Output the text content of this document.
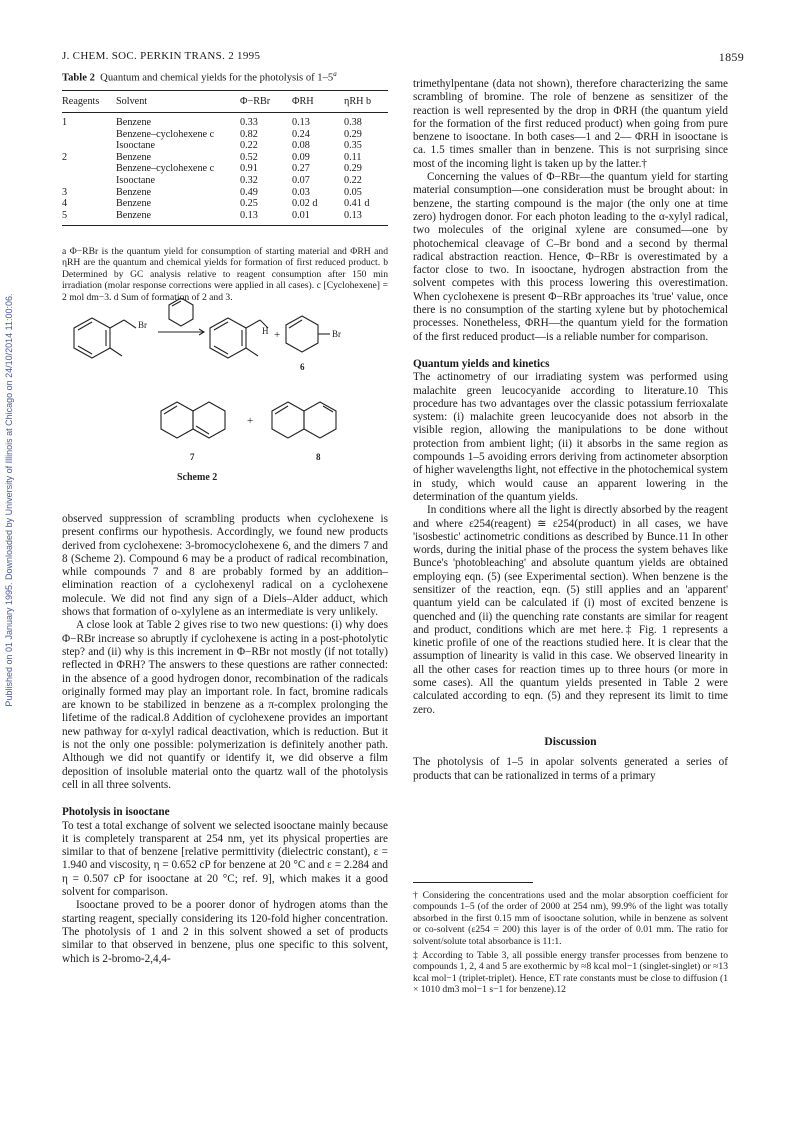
J. CHEM. SOC. PERKIN TRANS. 2 1995	1859
Published on 01 January 1995. Downloaded by University of Illinois at Chicago on 24/10/2014 11:00:06.
Table 2 Quantum and chemical yields for the photolysis of 1–5$^a$
Reagents	Solvent	Φ−RBr	ΦRH	ηRH b
1	Benzene	0.33	0.13	0.38
	Benzene–cyclohexene c	0.82	0.24	0.29
	Isooctane	0.22	0.08	0.35
2	Benzene	0.52	0.09	0.11
	Benzene–cyclohexene c	0.91	0.27	0.29
	Isooctane	0.32	0.07	0.22
3	Benzene	0.49	0.03	0.05
4	Benzene	0.25	0.02 d	0.41 d
5	Benzene	0.13	0.01	0.13
a Φ−RBr is the quantum yield for consumption of starting material and ΦRH and ηRH are the quantum and chemical yields for formation of first reduced product. b Determined by GC analysis relative to reagent consumption after 150 min irradiation (molar response corrections were applied in all cases). c [Cyclohexene] = 2 mol dm−3. d Sum of formation of 2 and 3.
Br
H +	Br
6
+
7	8
Scheme 2

observed suppression of scrambling products when cyclohexene is present confirms our hypothesis. Accordingly, we found new products derived from cyclohexene: 3-bromocyclohexene 6, and the dimers 7 and 8 (Scheme 2). Compound 6 may be a product of radical recombination, while compounds 7 and 8 are probably formed by an addition–elimination reaction of a cyclohexenyl radical on a cyclohexene molecule. We did not find any sign of a Diels–Alder adduct, which shows that formation of o-xylylene as an intermediate is very unlikely.

A close look at Table 2 gives rise to two new questions: (i) why does Φ−RBr increase so abruptly if cyclohexene is acting in a post-photolytic step? and (ii) why is this increment in Φ−RBr not mostly (if not totally) reflected in ΦRH? The answers to these questions are rather connected: in the absence of a good hydrogen donor, recombination of the radicals originally formed may play an important role. In fact, bromine radicals are known to be stabilized in benzene as a π-complex prolonging the lifetime of the radical.8 Addition of cyclohexene provides an important new pathway for α-xylyl radical deactivation, which is reduction. But it is not the only one possible: polymerization is definitely another path. Although we did not quantify or identify it, we did observe a film deposition of insoluble material onto the quartz wall of the photolysis cell in all three solvents.

Photolysis in isooctane

To test a total exchange of solvent we selected isooctane mainly because it is completely transparent at 254 nm, yet its physical properties are similar to that of benzene [relative permittivity (dielectric constant), ε = 1.940 and viscosity, η = 0.652 cP for benzene at 20 °C and ε = 2.284 and η = 0.507 cP for isooctane at 20 °C; ref. 9], which makes it a good solvent for comparison.

Isooctane proved to be a poorer donor of hydrogen atoms than the starting reagent, specially considering its 120-fold higher concentration. The photolysis of 1 and 2 in this solvent showed a set of products similar to that observed in benzene, plus one specific to this solvent, which is 2-bromo-2,4,4-

trimethylpentane (data not shown), therefore characterizing the same scrambling of bromine. The role of benzene as sensitizer of the reaction is well represented by the drop in ΦRH (the quantum yield for the formation of the first reduced product) when going from pure benzene to isooctane. In both cases—1 and 2— ΦRH in isooctane is ca. 1.5 times smaller than in benzene. This is not surprising since most of the incoming light is taken up by the latter.†

Concerning the values of Φ−RBr—the quantum yield for starting material consumption—one consideration must be brought about: in benzene, the starting compound is the major (the only one at time zero) hydrogen donor. For each photon leading to the α-xylyl radical, two molecules of the original xylene are consumed—one by photochemical cleavage of C–Br bond and a second by thermal radical abstraction reaction. Hence, Φ−RBr is overestimated by a factor close to two. In isooctane, hydrogen abstraction from the solvent competes with this process lowering this overestimation. When cyclohexene is present Φ−RBr approaches its 'true' value, once there is no consumption of the starting xylene but by photochemical processes. Nonetheless, ΦRH—the quantum yield for the formation of the first reduced product—is a reliable number for comparison.

Quantum yields and kinetics

The actinometry of our irradiating system was performed using malachite green leucocyanide according to literature.10 This procedure has two advantages over the classic potassium ferrioxalate system: (i) malachite green leucocyanide does not absorb in the visible region, allowing the manipulations to be done without protection from ambient light; (ii) it absorbs in the same region as compounds 1–5 avoiding errors deriving from actinometer absorption of higher wavelengths light, not effective in the photochemical system in study, which would cause an apparent lowering in the determination of the quantum yields.

In conditions where all the light is directly absorbed by the reagent and where ε254(reagent) ≅ ε254(product) in all cases, we have 'isosbestic' actinometric conditions as described by Bunce.11 In other words, during the initial phase of the process the system behaves like Bunce's 'photobleaching' and absolute quantum yields are obtained employing eqn. (5) (see Experimental section). When benzene is the sensitizer of the reaction, eqn. (5) still applies and an 'apparent' quantum yield can be calculated if (i) most of excited benzene is quenched and (ii) the quenching rate constants are similar for reagent and product, conditions which are met here.‡ Fig. 1 represents a kinetic profile of one of the reactions studied here. It is clear that the assumption of linearity is valid in this case. We observed linearity in all the other cases for reaction times up to three hours (or more in some cases). All the quantum yields presented in Table 2 were calculated according to eqn. (5) and they represent its limit to time zero.

Discussion

The photolysis of 1–5 in apolar solvents generated a series of products that can be rationalized in terms of a primary

† Considering the concentrations used and the molar absorption coefficient for compounds 1–5 (of the order of 2000 at 254 nm), 99.9% of the light was totally absorbed in the first 0.15 mm of isooctane solution, while in benzene as solvent or co-solvent (ε254 = 200) this layer is of the order of 0.01 mm. The ratio for solvent/solute total absorbance is 11:1.

‡ According to Table 3, all possible energy transfer processes from benzene to compounds 1, 2, 4 and 5 are exothermic by ≈8 kcal mol−1 (singlet-singlet) or ≈13 kcal mol−1 (triplet-triplet). Hence, ET rate constants must be close to diffusion (1 × 1010 dm3 mol−1 s−1 for benzene).12
